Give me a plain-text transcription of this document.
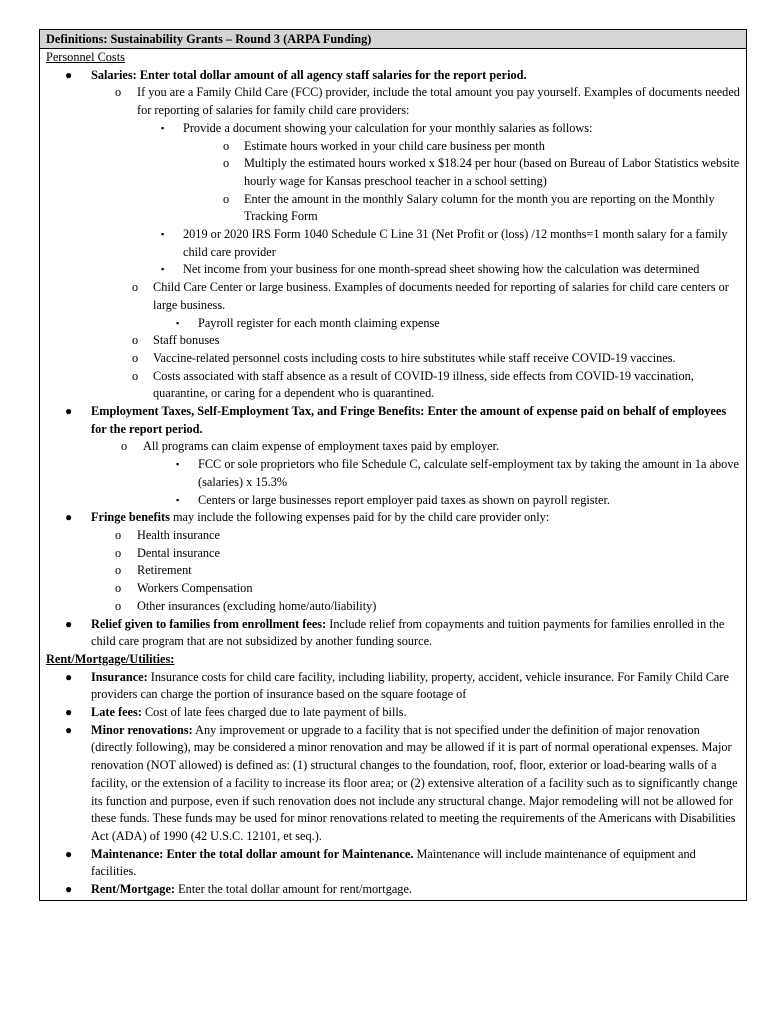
Definitions: Sustainability Grants – Round 3 (ARPA Funding)
Personnel Costs
● Salaries: Enter total dollar amount of all agency staff salaries for the report period.
o If you are a Family Child Care (FCC) provider, include the total amount you pay yourself. Examples of documents needed for reporting of salaries for family child care providers:
▪ Provide a document showing your calculation for your monthly salaries as follows:
o Estimate hours worked in your child care business per month
o Multiply the estimated hours worked x $18.24 per hour (based on Bureau of Labor Statistics website hourly wage for Kansas preschool teacher in a school setting)
o Enter the amount in the monthly Salary column for the month you are reporting on the Monthly Tracking Form
▪ 2019 or 2020 IRS Form 1040 Schedule C Line 31 (Net Profit or (loss) /12 months=1 month salary for a family child care provider
▪ Net income from your business for one month-spread sheet showing how the calculation was determined
o Child Care Center or large business. Examples of documents needed for reporting of salaries for child care centers or large business.
▪ Payroll register for each month claiming expense
o Staff bonuses
o Vaccine-related personnel costs including costs to hire substitutes while staff receive COVID-19 vaccines.
o Costs associated with staff absence as a result of COVID-19 illness, side effects from COVID-19 vaccination, quarantine, or caring for a dependent who is quarantined.
● Employment Taxes, Self-Employment Tax, and Fringe Benefits: Enter the amount of expense paid on behalf of employees for the report period.
o All programs can claim expense of employment taxes paid by employer.
▪ FCC or sole proprietors who file Schedule C, calculate self-employment tax by taking the amount in 1a above (salaries) x 15.3%
▪ Centers or large businesses report employer paid taxes as shown on payroll register.
● Fringe benefits may include the following expenses paid for by the child care provider only:
o Health insurance
o Dental insurance
o Retirement
o Workers Compensation
o Other insurances (excluding home/auto/liability)
● Relief given to families from enrollment fees: Include relief from copayments and tuition payments for families enrolled in the child care program that are not subsidized by another funding source.
Rent/Mortgage/Utilities:
● Insurance: Insurance costs for child care facility, including liability, property, accident, vehicle insurance. For Family Child Care providers can charge the portion of insurance based on the square footage of
● Late fees: Cost of late fees charged due to late payment of bills.
● Minor renovations: Any improvement or upgrade to a facility that is not specified under the definition of major renovation (directly following), may be considered a minor renovation and may be allowed if it is part of normal operational expenses. Major renovation (NOT allowed) is defined as: (1) structural changes to the foundation, roof, floor, exterior or load-bearing walls of a facility, or the extension of a facility to increase its floor area; or (2) extensive alteration of a facility such as to significantly change its function and purpose, even if such renovation does not include any structural change. Major remodeling will not be allowed for these funds. These funds may be used for minor renovations related to meeting the requirements of the Americans with Disabilities Act (ADA) of 1990 (42 U.S.C. 12101, et seq.).
● Maintenance: Enter the total dollar amount for Maintenance. Maintenance will include maintenance of equipment and facilities.
● Rent/Mortgage: Enter the total dollar amount for rent/mortgage.
